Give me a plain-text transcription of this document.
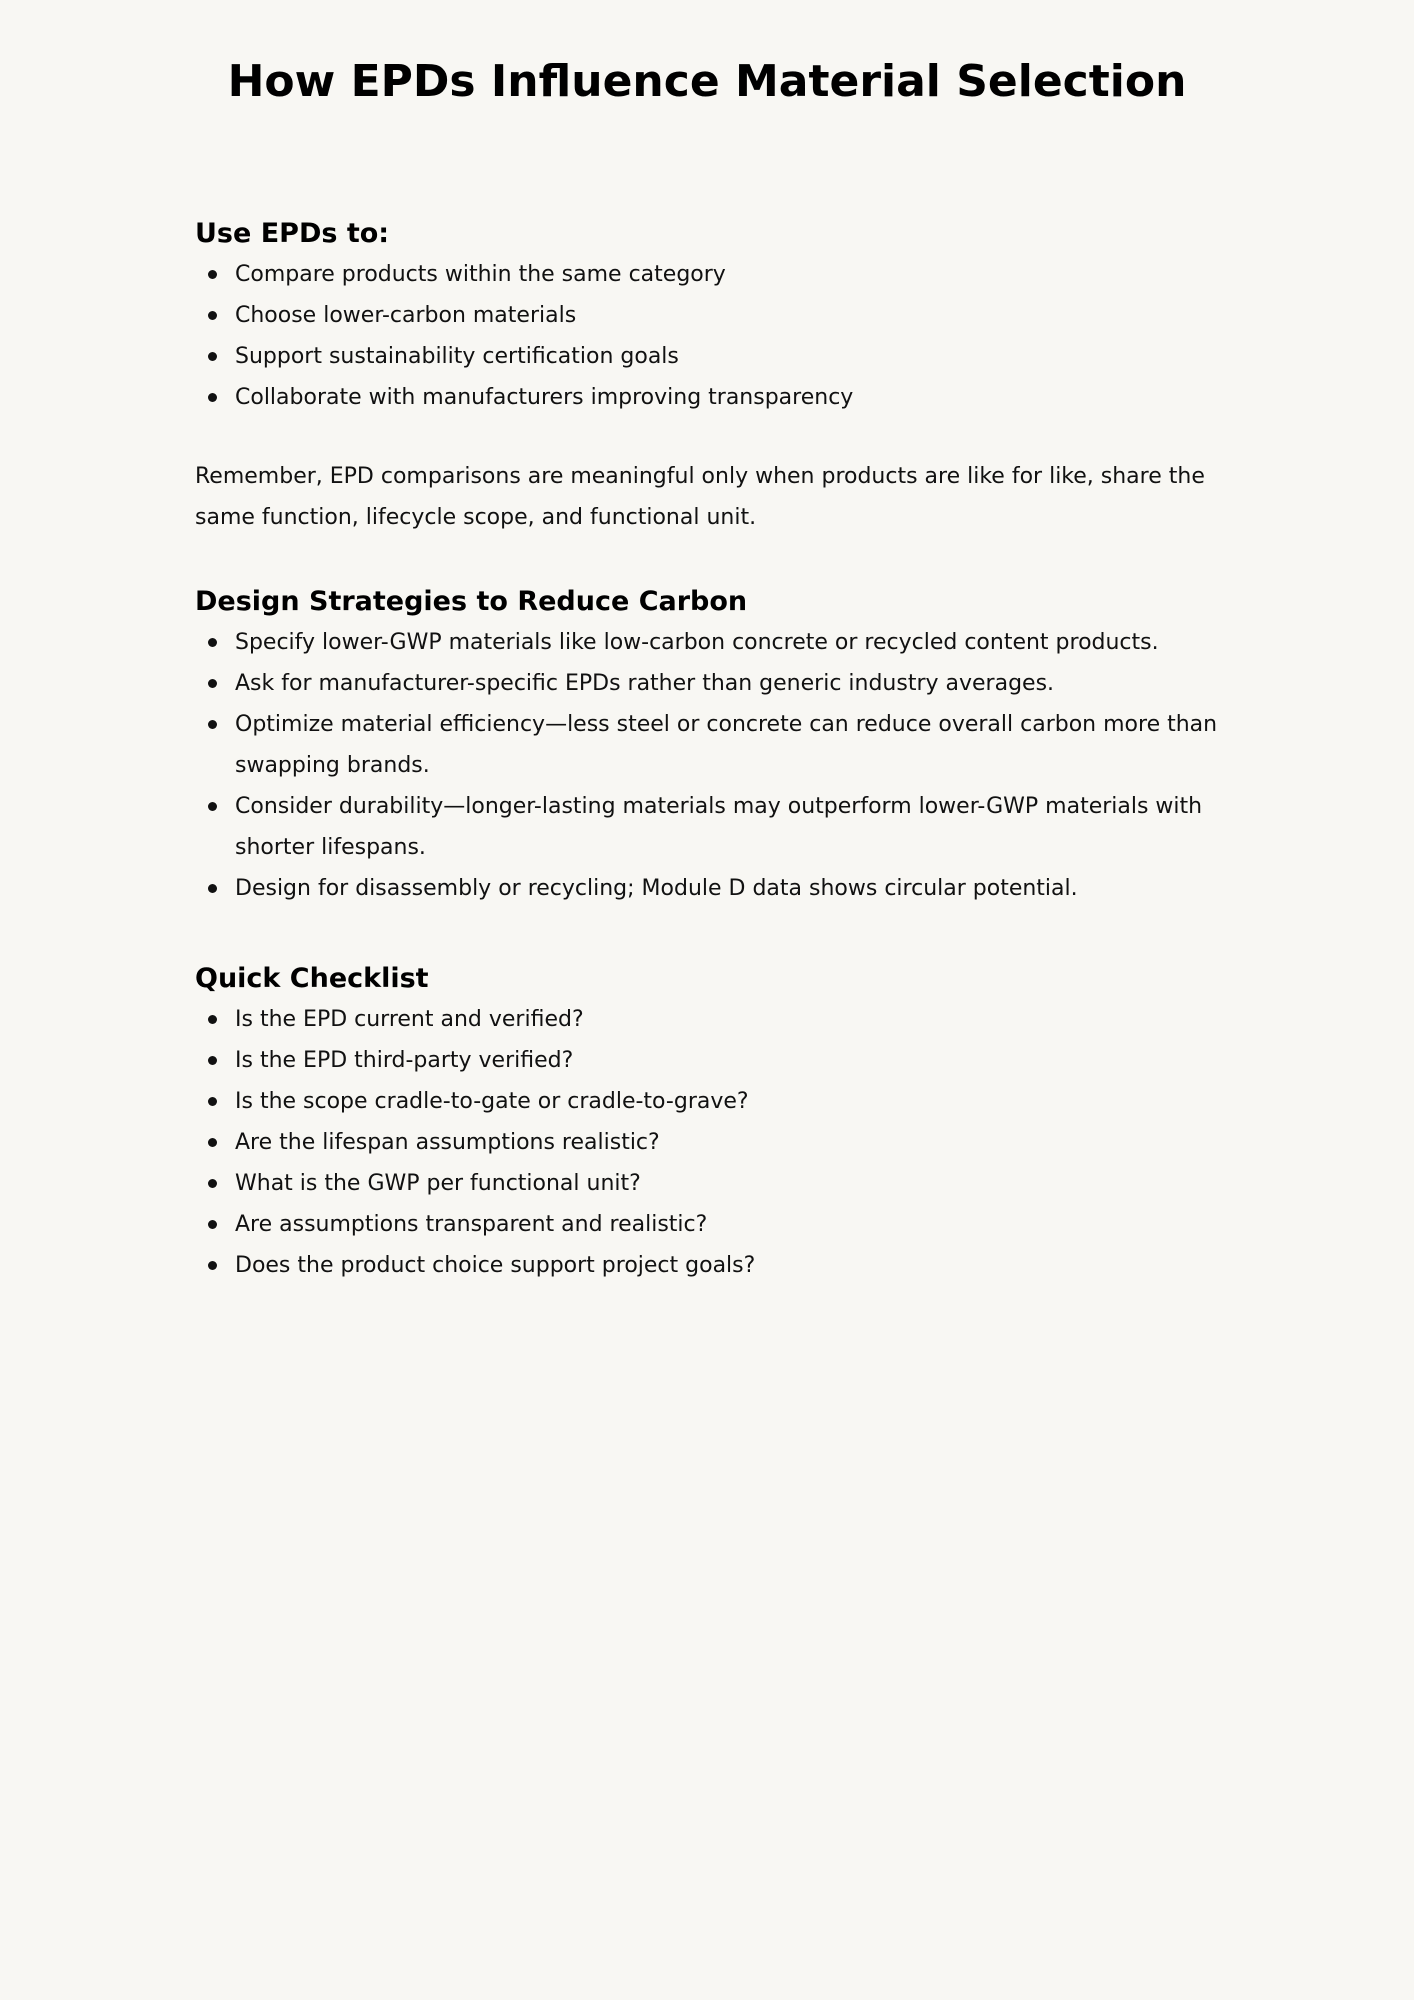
How EPDs Influence Material Selection
Use EPDs to:
Compare products within the same category
Choose lower-carbon materials
Support sustainability certification goals
Collaborate with manufacturers improving transparency

Remember, EPD comparisons are meaningful only when products are like for like, share the same function, lifecycle scope, and functional unit.

Design Strategies to Reduce Carbon
Specify lower-GWP materials like low-carbon concrete or recycled content products.
Ask for manufacturer-specific EPDs rather than generic industry averages.
Optimize material efficiency—less steel or concrete can reduce overall carbon more than swapping brands.
Consider durability—longer-lasting materials may outperform lower-GWP materials with shorter lifespans.
Design for disassembly or recycling; Module D data shows circular potential.
Quick Checklist
Is the EPD current and verified?
Is the EPD third-party verified?
Is the scope cradle-to-gate or cradle-to-grave?
Are the lifespan assumptions realistic?
What is the GWP per functional unit?
Are assumptions transparent and realistic?
Does the product choice support project goals?
